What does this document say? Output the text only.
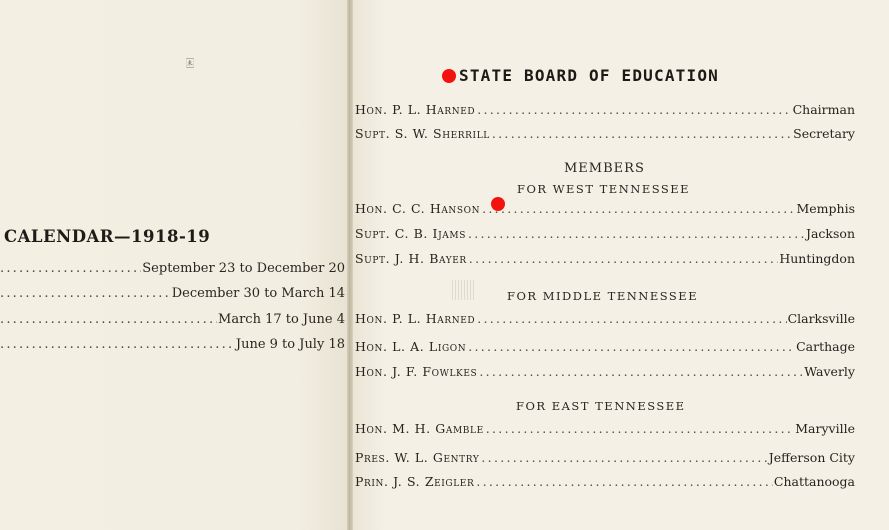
🀀
CALENDAR—1918-19
.....
September 23 to December 20
.....
December 30 to March 14
.....
March 17 to June 4
.....
June 9 to July 18
STATE BOARD OF EDUCATION
Hon. P. L. Harned .....	Chairman
Supt. S. W. Sherrill .....	Secretary
MEMBERS
FOR WEST TENNESSEE
Hon. C. C. Hanson .....	Memphis
Supt. C. B. Ijams .....	Jackson
Supt. J. H. Bayer .....	Huntingdon
FOR MIDDLE TENNESSEE
Hon. P. L. Harned .....	Clarksville
Hon. L. A. Ligon .....	Carthage
Hon. J. F. Fowlkes .....	Waverly
FOR EAST TENNESSEE
Hon. M. H. Gamble .....	Maryville
Pres. W. L. Gentry .....	Jefferson City
Prin. J. S. Zeigler .....	Chattanooga
